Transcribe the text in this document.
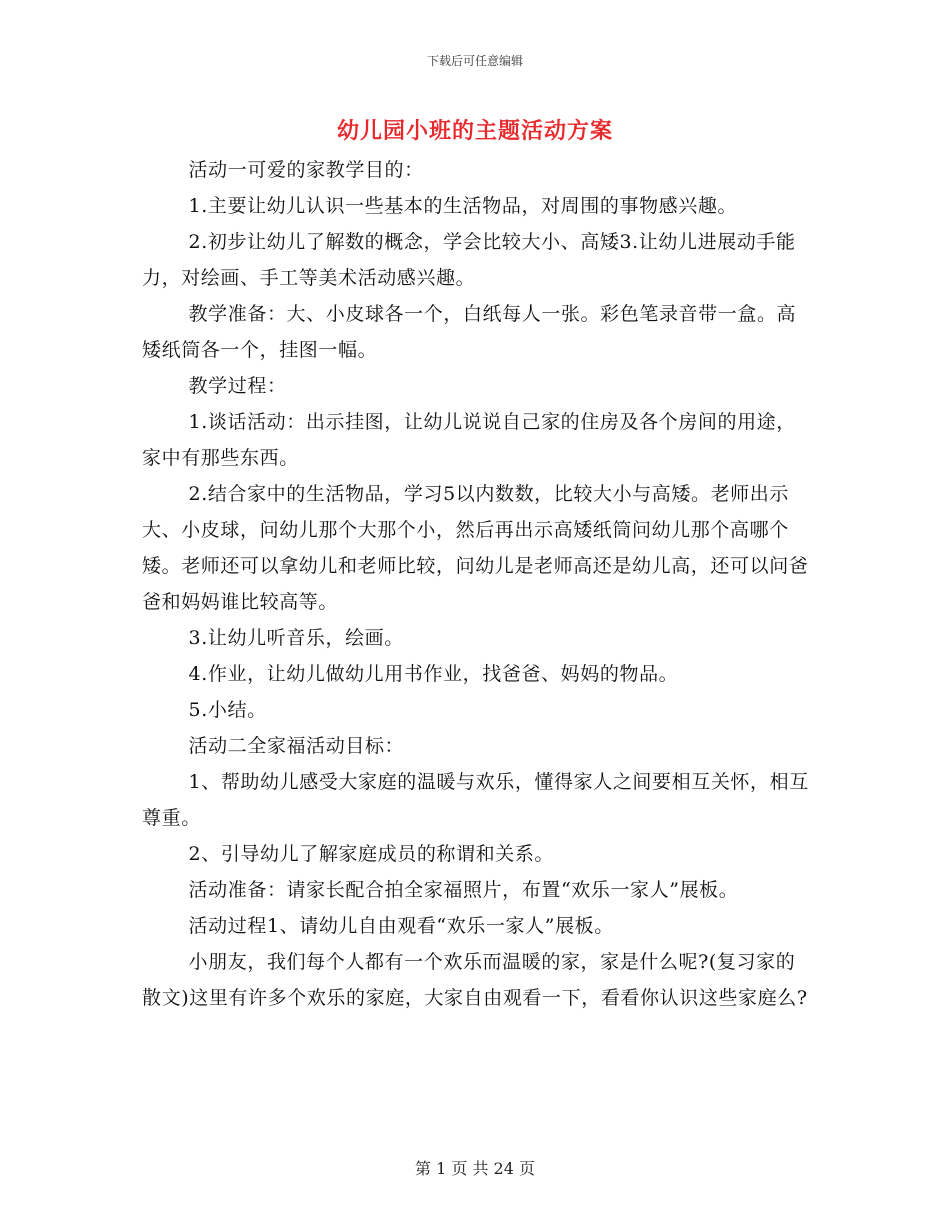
下载后可任意编辑
幼儿园小班的主题活动方案

活动一可爱的家教学目的：

1.主要让幼儿认识一些基本的生活物品，对周围的事物感兴趣。

2.初步让幼儿了解数的概念，学会比较大小、高矮3.让幼儿进展动手能力，对绘画、手工等美术活动感兴趣。

教学准备：大、小皮球各一个，白纸每人一张。彩色笔录音带一盒。高矮纸筒各一个，挂图一幅。

教学过程：

1.谈话活动：出示挂图，让幼儿说说自己家的住房及各个房间的用途，家中有那些东西。

2.结合家中的生活物品，学习5以内数数，比较大小与高矮。老师出示大、小皮球，问幼儿那个大那个小，然后再出示高矮纸筒问幼儿那个高哪个矮。老师还可以拿幼儿和老师比较，问幼儿是老师高还是幼儿高，还可以问爸爸和妈妈谁比较高等。

3.让幼儿听音乐，绘画。

4.作业，让幼儿做幼儿用书作业，找爸爸、妈妈的物品。

5.小结。

活动二全家福活动目标：

1、帮助幼儿感受大家庭的温暖与欢乐，懂得家人之间要相互关怀，相互尊重。

2、引导幼儿了解家庭成员的称谓和关系。

活动准备：请家长配合拍全家福照片，布置“欢乐一家人”展板。

活动过程1、请幼儿自由观看“欢乐一家人”展板。

小朋友，我们每个人都有一个欢乐而温暖的家，家是什么呢?(复习家的散文)这里有许多个欢乐的家庭，大家自由观看一下，看看你认识这些家庭么?

第 1 页 共 24 页
